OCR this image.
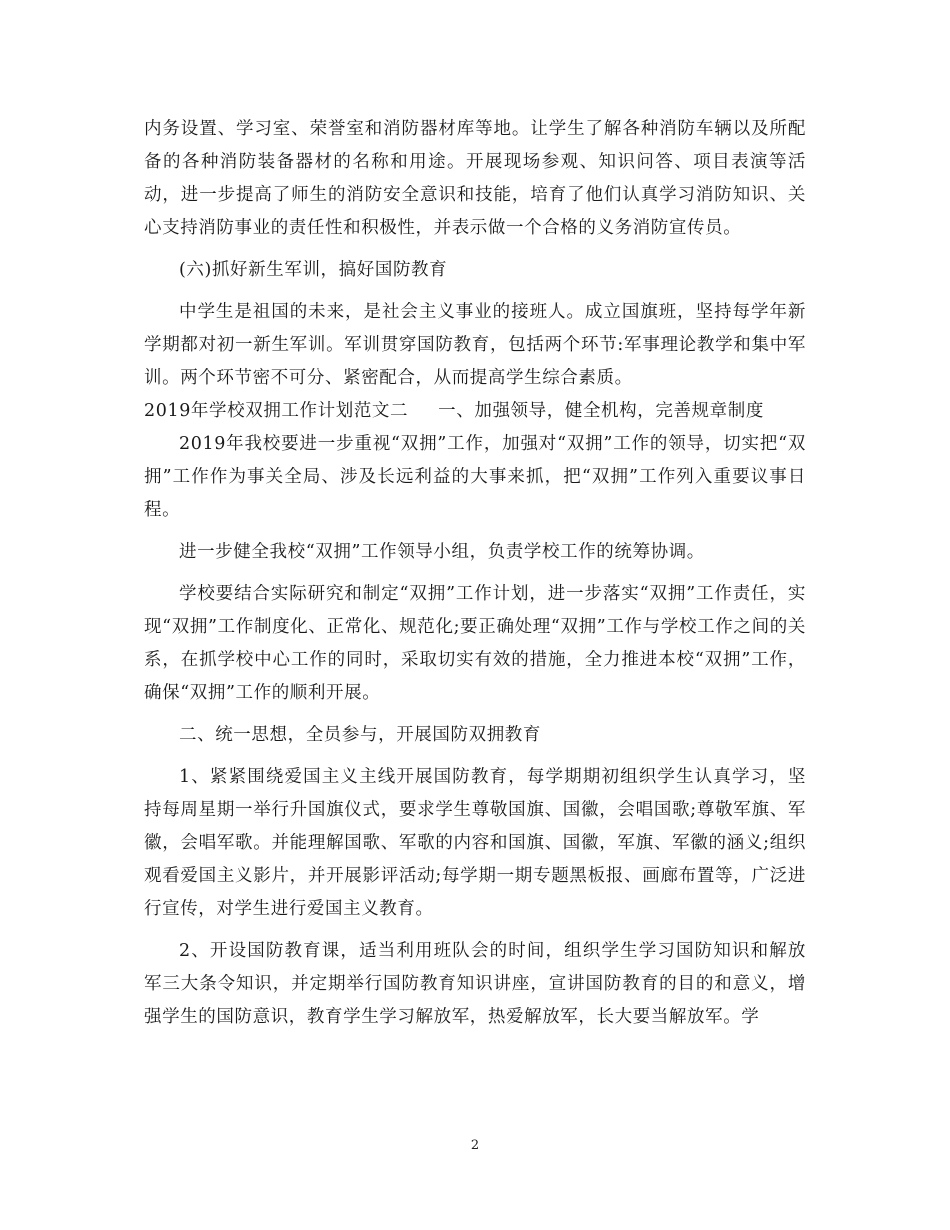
内务设置、学习室、荣誉室和消防器材库等地。让学生了解各种消防车辆以及所配备的各种消防装备器材的名称和用途。开展现场参观、知识问答、项目表演等活动，进一步提高了师生的消防安全意识和技能，培育了他们认真学习消防知识、关心支持消防事业的责任性和积极性，并表示做一个合格的义务消防宣传员。

(六)抓好新生军训，搞好国防教育

中学生是祖国的未来，是社会主义事业的接班人。成立国旗班，坚持每学年新学期都对初一新生军训。军训贯穿国防教育，包括两个环节:军事理论教学和集中军训。两个环节密不可分、紧密配合，从而提高学生综合素质。

2019年学校双拥工作计划范文二 一、加强领导，健全机构，完善规章制度

2019年我校要进一步重视“双拥”工作，加强对“双拥”工作的领导，切实把“双拥”工作作为事关全局、涉及长远利益的大事来抓，把“双拥”工作列入重要议事日程。

进一步健全我校“双拥”工作领导小组，负责学校工作的统筹协调。

学校要结合实际研究和制定“双拥”工作计划，进一步落实“双拥”工作责任，实现“双拥”工作制度化、正常化、规范化;要正确处理“双拥”工作与学校工作之间的关系，在抓学校中心工作的同时，采取切实有效的措施，全力推进本校“双拥”工作，确保“双拥”工作的顺利开展。

二、统一思想，全员参与，开展国防双拥教育

1、紧紧围绕爱国主义主线开展国防教育，每学期期初组织学生认真学习，坚持每周星期一举行升国旗仪式，要求学生尊敬国旗、国徽，会唱国歌;尊敬军旗、军徽，会唱军歌。并能理解国歌、军歌的内容和国旗、国徽，军旗、军徽的涵义;组织观看爱国主义影片，并开展影评活动;每学期一期专题黑板报、画廊布置等，广泛进行宣传，对学生进行爱国主义教育。

2、开设国防教育课，适当利用班队会的时间，组织学生学习国防知识和解放军三大条令知识，并定期举行国防教育知识讲座，宣讲国防教育的目的和意义，增强学生的国防意识，教育学生学习解放军，热爱解放军，长大要当解放军。学

2
